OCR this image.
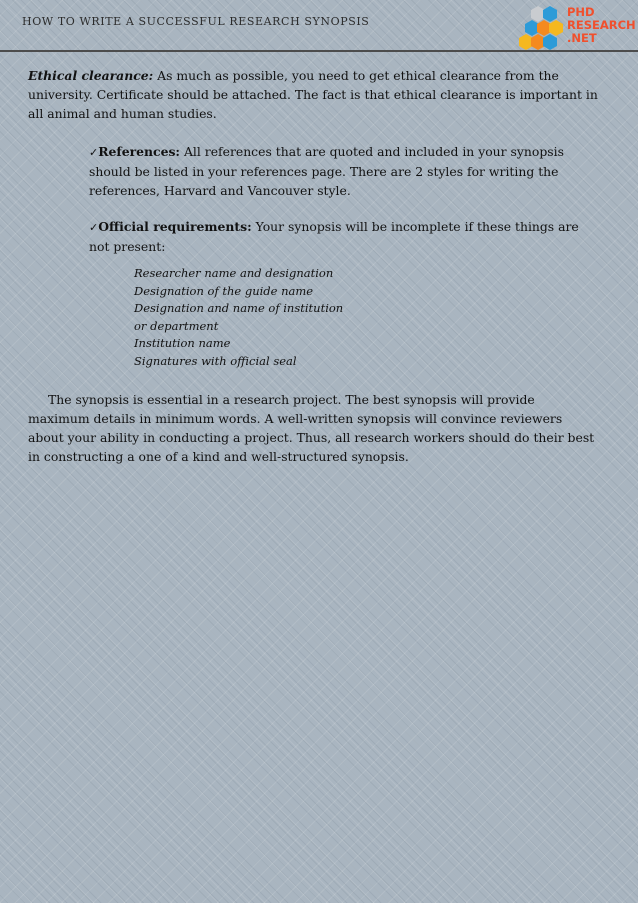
HOW TO WRITE A SUCCESSFUL RESEARCH SYNOPSIS
PHD
RESEARCH
.NET

Ethical clearance: As much as possible, you need to get ethical clearance from the university. Certificate should be attached. The fact is that ethical clearance is important in all animal and human studies.

✓References: All references that are quoted and included in your synopsis should be listed in your references page. There are 2 styles for writing the references, Harvard and Vancouver style.

✓Official requirements: Your synopsis will be incomplete if these things are not present:

Researcher name and designation
Designation of the guide name
Designation and name of institution
or department
Institution name
Signatures with official seal

The synopsis is essential in a research project. The best synopsis will provide maximum details in minimum words. A well-written synopsis will convince reviewers about your ability in conducting a project. Thus, all research workers should do their best in constructing a one of a kind and well-structured synopsis.
